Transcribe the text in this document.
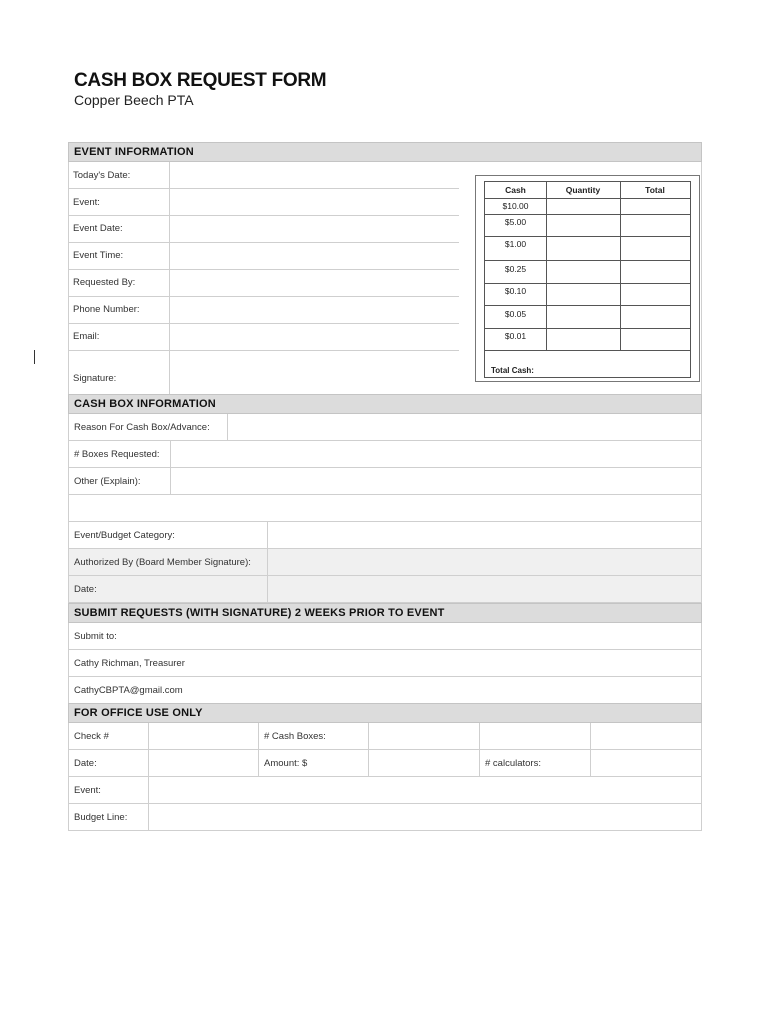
CASH BOX REQUEST FORM
Copper Beech PTA
EVENT INFORMATION
Today's Date:
Event:
Event Date:
Event Time:
Requested By:
Phone Number:
Email:
Signature:
Cash	Quantity	Total
$10.00
$5.00
$1.00
$0.25
$0.10
$0.05
$0.01
Total Cash:
CASH BOX INFORMATION
Reason For Cash Box/Advance:
# Boxes Requested:
Other (Explain):
Event/Budget Category:
Authorized By (Board Member Signature):
Date:
SUBMIT REQUESTS (WITH SIGNATURE) 2 WEEKS PRIOR TO EVENT
Submit to:
Cathy Richman, Treasurer
CathyCBPTA@gmail.com
FOR OFFICE USE ONLY
Check #	# Cash Boxes:
Date:	Amount: $	# calculators:
Event:
Budget Line:
